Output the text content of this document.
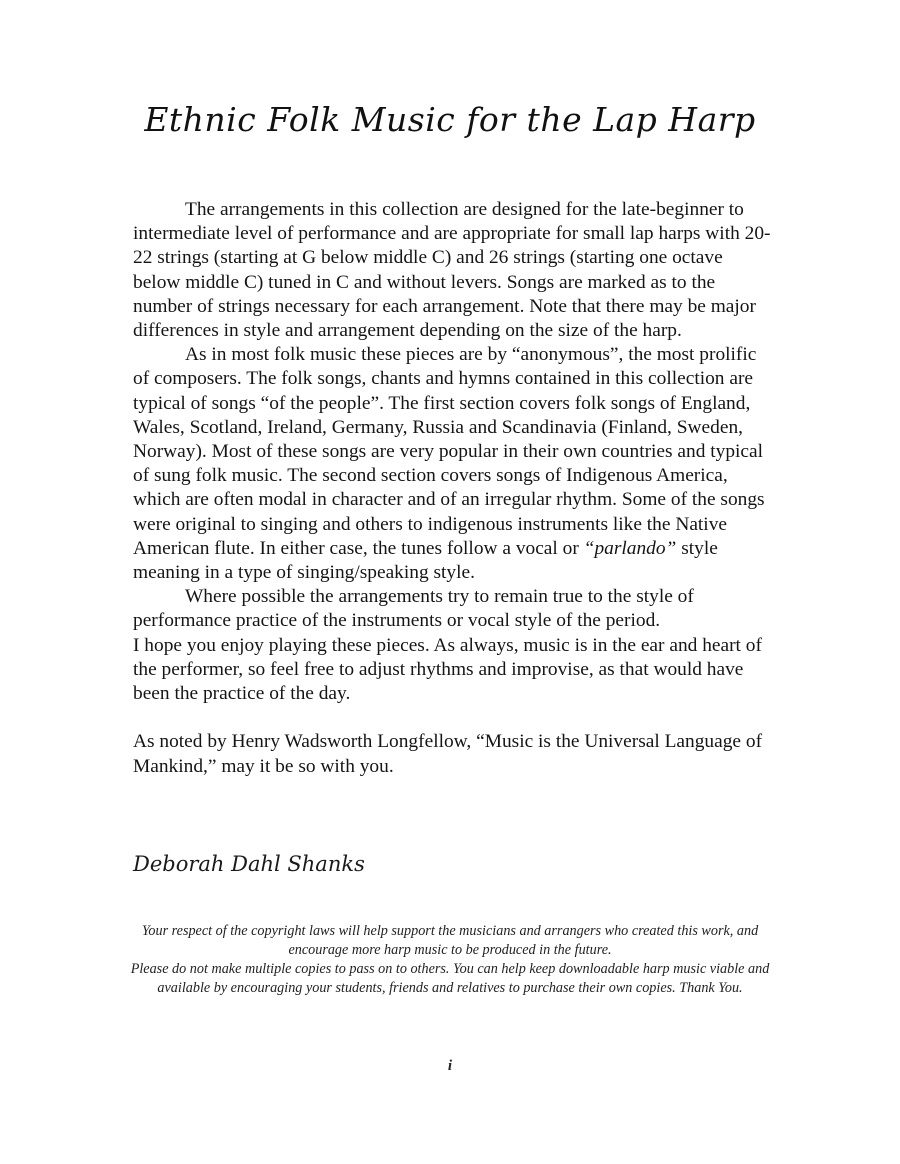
Ethnic Folk Music for the Lap Harp

The arrangements in this collection are designed for the late-beginner to intermediate level of performance and are appropriate for small lap harps with 20-22 strings (starting at G below middle C) and 26 strings (starting one octave below middle C) tuned in C and without levers. Songs are marked as to the number of strings necessary for each arrangement. Note that there may be major differences in style and arrangement depending on the size of the harp.

As in most folk music these pieces are by “anonymous”, the most prolific of composers. The folk songs, chants and hymns contained in this collection are typical of songs “of the people”. The first section covers folk songs of England, Wales, Scotland, Ireland, Germany, Russia and Scandinavia (Finland, Sweden, Norway). Most of these songs are very popular in their own countries and typical of sung folk music. The second section covers songs of Indigenous America, which are often modal in character and of an irregular rhythm. Some of the songs were original to singing and others to indigenous instruments like the Native American flute. In either case, the tunes follow a vocal or “parlando” style meaning in a type of singing/speaking style.

Where possible the arrangements try to remain true to the style of performance practice of the instruments or vocal style of the period.

I hope you enjoy playing these pieces. As always, music is in the ear and heart of the performer, so feel free to adjust rhythms and improvise, as that would have been the practice of the day.

As noted by Henry Wadsworth Longfellow, “Music is the Universal Language of Mankind,” may it be so with you.

Deborah Dahl Shanks

Your respect of the copyright laws will help support the musicians and arrangers who created this work, and encourage more harp music to be produced in the future.

Please do not make multiple copies to pass on to others. You can help keep downloadable harp music viable and available by encouraging your students, friends and relatives to purchase their own copies. Thank You.

i
